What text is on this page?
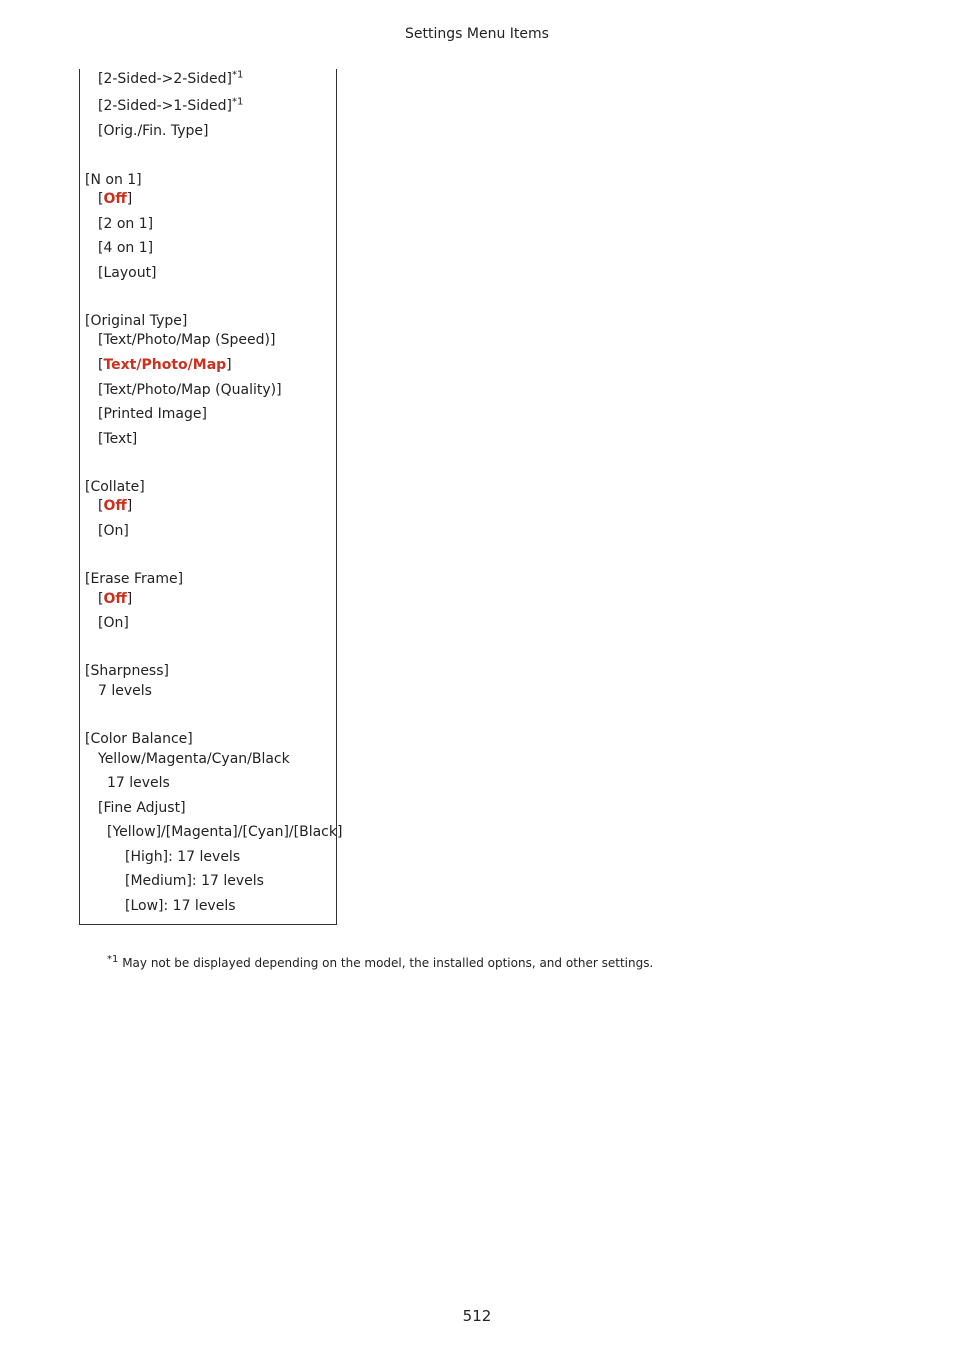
Settings Menu Items
[2-Sided->2-Sided]$^{*1}$
[2-Sided->1-Sided]$^{*1}$
[Orig./Fin. Type]
[N on 1]
[Off]
[2 on 1]
[4 on 1]
[Layout]
[Original Type]
[Text/Photo/Map (Speed)]
[Text/Photo/Map]
[Text/Photo/Map (Quality)]
[Printed Image]
[Text]
[Collate]
[Off]
[On]
[Erase Frame]
[Off]
[On]
[Sharpness]
7 levels
[Color Balance]
Yellow/Magenta/Cyan/Black
17 levels
[Fine Adjust]
[Yellow]/[Magenta]/[Cyan]/[Black]
[High]: 17 levels
[Medium]: 17 levels
[Low]: 17 levels
$^{*1}$ May not be displayed depending on the model, the installed options, and other settings.
512
